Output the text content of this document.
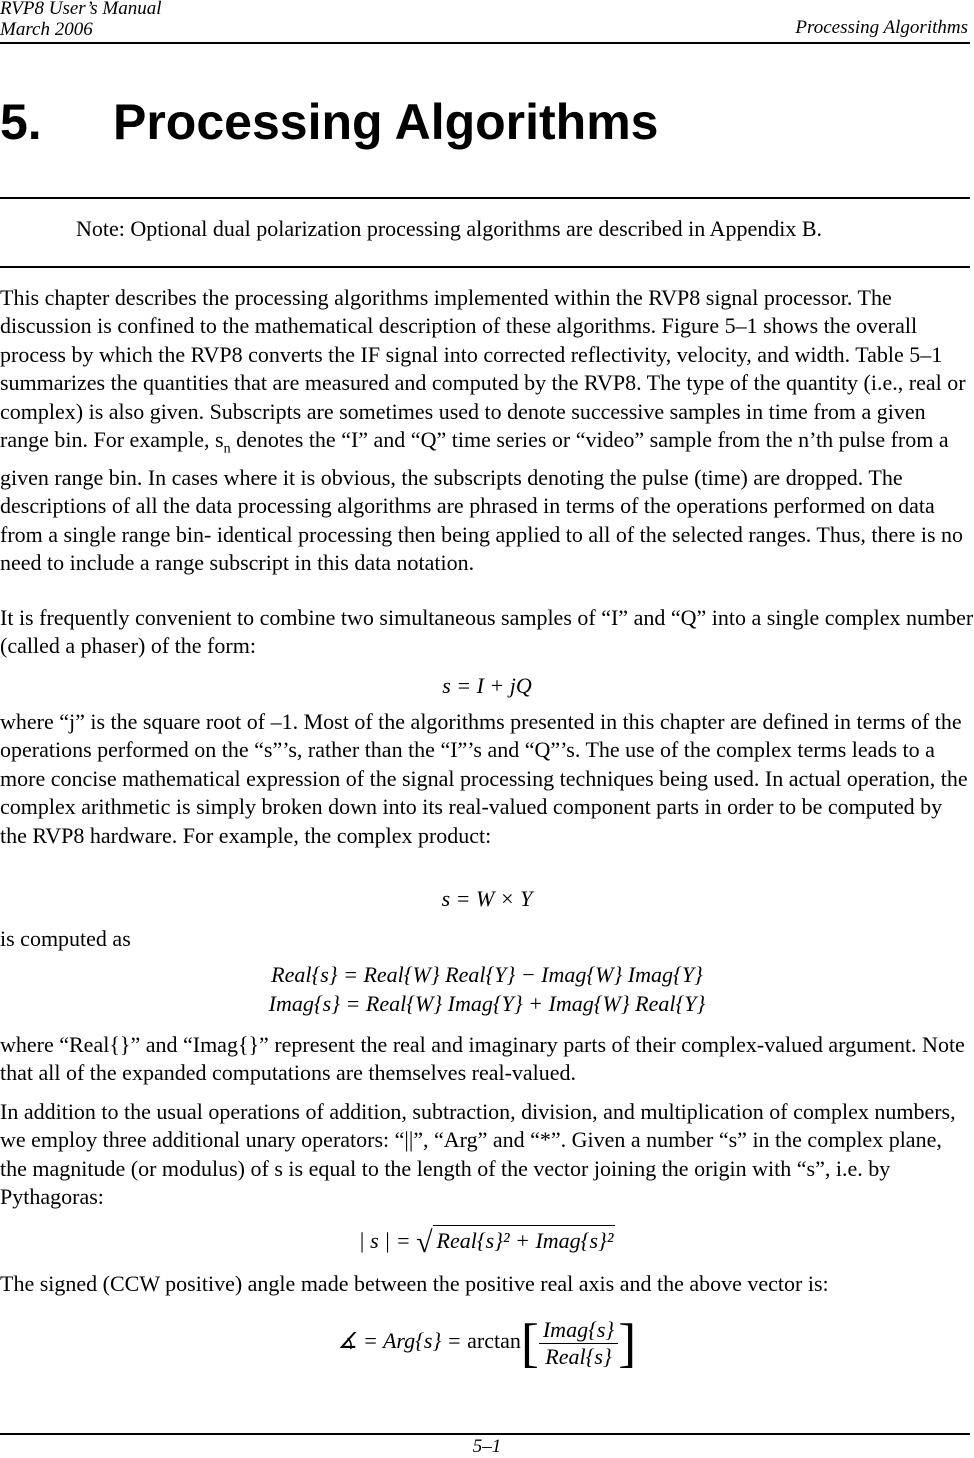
RVP8 User’s Manual
March 2006	Processing Algorithms
5. Processing Algorithms
Note: Optional dual polarization processing algorithms are described in Appendix B.
This chapter describes the processing algorithms implemented within the RVP8 signal processor. The discussion is confined to the mathematical description of these algorithms. Figure 5–1 shows the overall process by which the RVP8 converts the IF signal into corrected reflectivity, velocity, and width. Table 5–1 summarizes the quantities that are measured and computed by the RVP8. The type of the quantity (i.e., real or complex) is also given. Subscripts are sometimes used to denote successive samples in time from a given range bin. For example, $s_n$ denotes the “I” and “Q” time series or “video” sample from the n’th pulse from a given range bin. In cases where it is obvious, the subscripts denoting the pulse (time) are dropped. The descriptions of all the data processing algorithms are phrased in terms of the operations performed on data from a single range bin- identical processing then being applied to all of the selected ranges. Thus, there is no need to include a range subscript in this data notation.
It is frequently convenient to combine two simultaneous samples of “I” and “Q” into a single complex number (called a phaser) of the form:
s = I + jQ
where “j” is the square root of –1. Most of the algorithms presented in this chapter are defined in terms of the operations performed on the “s”’s, rather than the “I”’s and “Q”’s. The use of the complex terms leads to a more concise mathematical expression of the signal processing techniques being used. In actual operation, the complex arithmetic is simply broken down into its real-valued component parts in order to be computed by the RVP8 hardware. For example, the complex product:
s = W × Y
is computed as
Real{s} = Real{W} Real{Y} − Imag{W} Imag{Y}
Imag{s} = Real{W} Imag{Y} + Imag{W} Real{Y}
where “Real{}” and “Imag{}” represent the real and imaginary parts of their complex-valued argument. Note that all of the expanded computations are themselves real-valued.
In addition to the usual operations of addition, subtraction, division, and multiplication of complex numbers, we employ three additional unary operators: “||”, “Arg” and “*”. Given a number “s” in the complex plane, the magnitude (or modulus) of s is equal to the length of the vector joining the origin with “s”, i.e. by Pythagoras:
| s | = √ Real{s}² + Imag{s}²
The signed (CCW positive) angle made between the positive real axis and the above vector is:
∡ = $Arg\{s\} = \arctan[ \frac{\text{Imag\{s\}}}{\text{Real\{s\}}}$ ]
5–1
